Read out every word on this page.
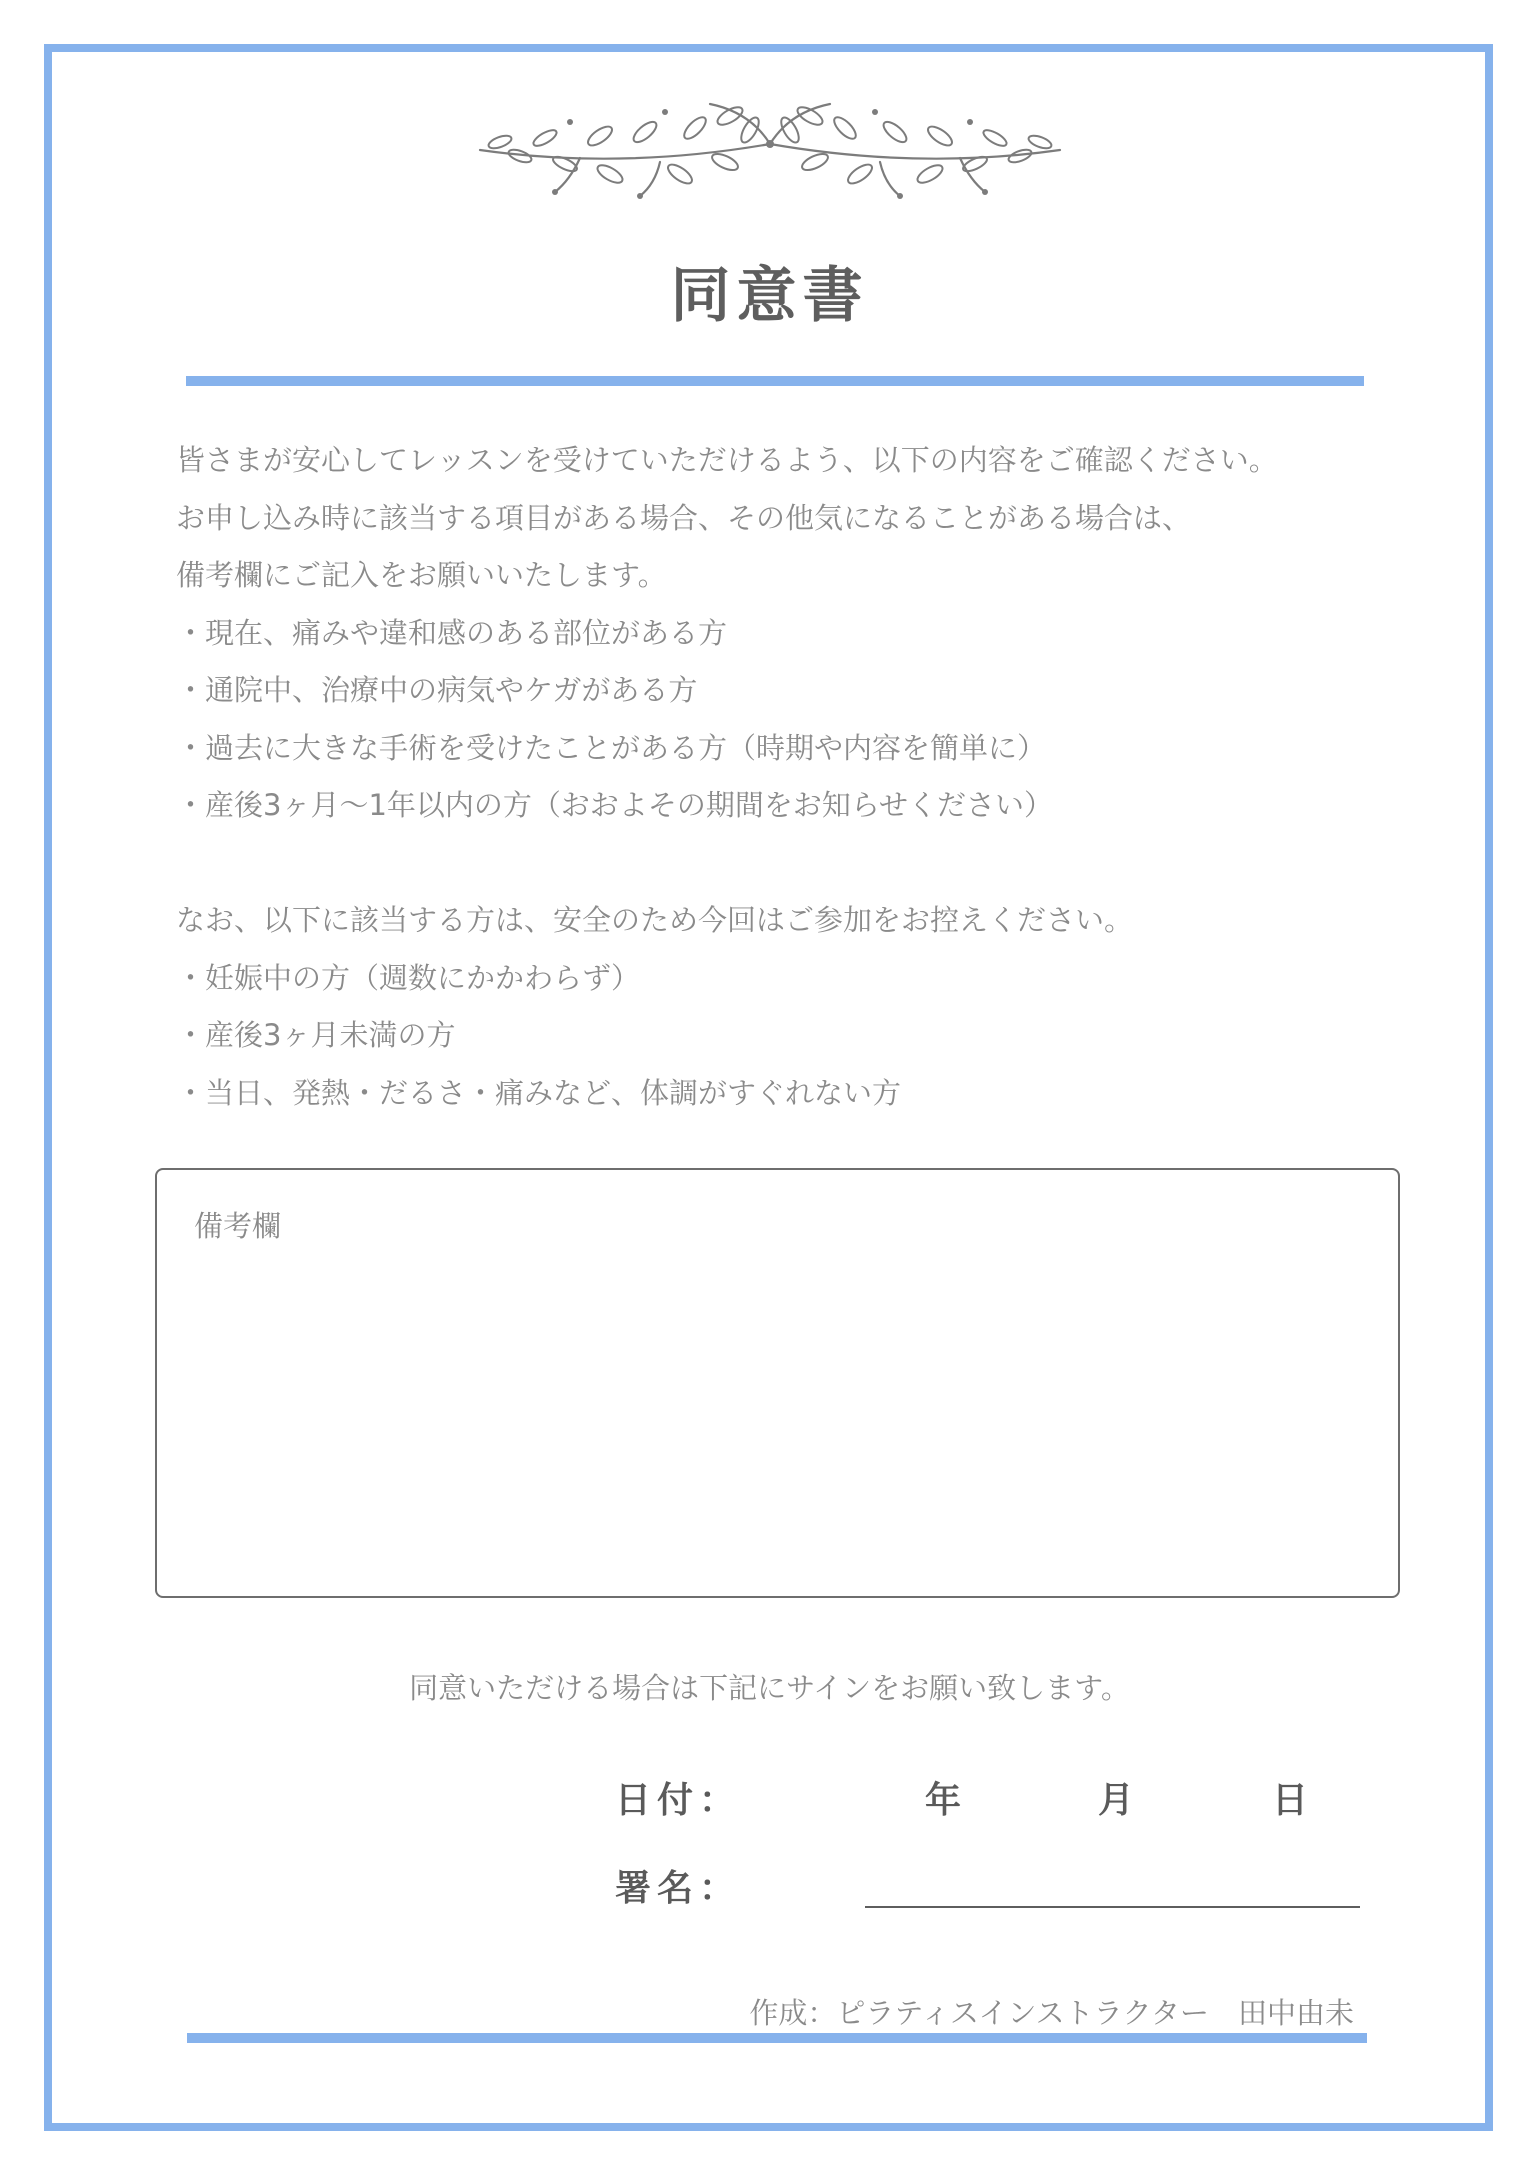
同意書

皆さまが安心してレッスンを受けていただけるよう、以下の内容をご確認ください。

お申し込み時に該当する項目がある場合、その他気になることがある場合は、

備考欄にご記入をお願いいたします。

・現在、痛みや違和感のある部位がある方

・通院中、治療中の病気やケガがある方

・過去に大きな手術を受けたことがある方（時期や内容を簡単に）

・産後3ヶ月〜1年以内の方（おおよその期間をお知らせください）

なお、以下に該当する方は、安全のため今回はご参加をお控えください。

・妊娠中の方（週数にかかわらず）

・産後3ヶ月未満の方

・当日、発熱・だるさ・痛みなど、体調がすぐれない方

備考欄
同意いただける場合は下記にサインをお願い致します。
日付：	年	月	日
署名：
作成：ピラティスインストラクター　田中由未
